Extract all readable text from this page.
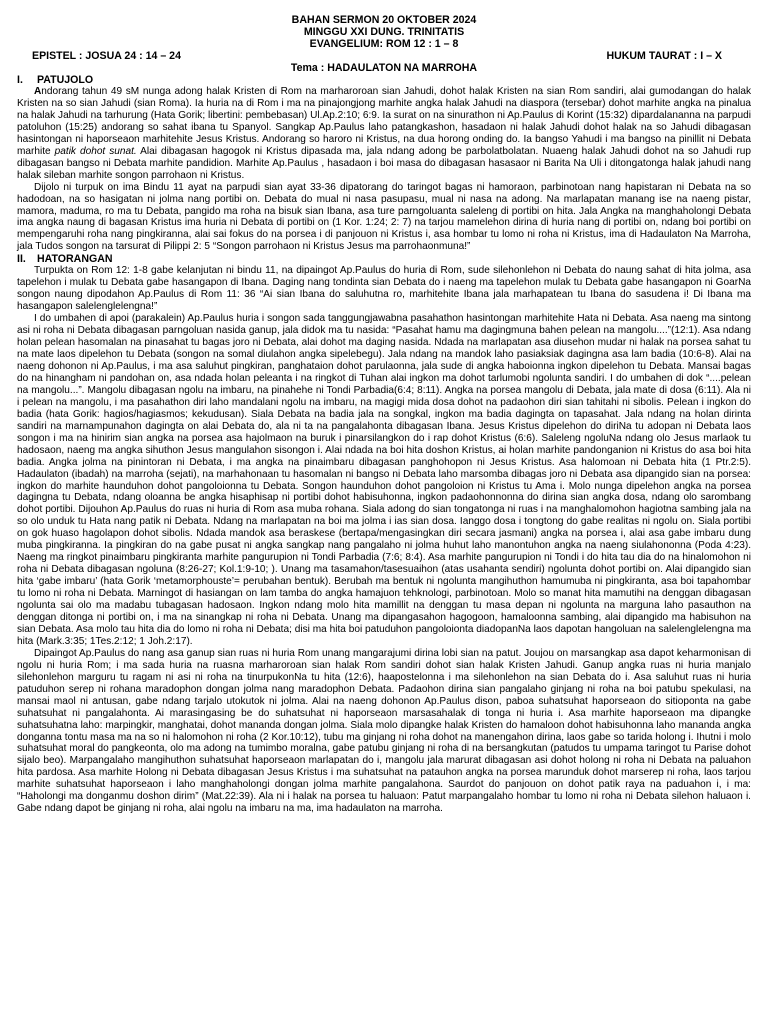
BAHAN SERMON 20 OKTOBER 2024
MINGGU XXI DUNG. TRINITATIS
EVANGELIUM: ROM 12 : 1 – 8
EPISTEL : JOSUA 24 : 14 – 24	HUKUM TAURAT : I – X
Tema : HADAULATON NA MARROHA
I.	PATUJOLO

Andorang tahun 49 sM nunga adong halak Kristen di Rom na marharoroan sian Jahudi, dohot halak Kristen na sian Rom sandiri, alai gumodangan do halak Kristen na so sian Jahudi (sian Roma). Ia huria na di Rom i ma na pinajongjong marhite angka halak Jahudi na diaspora (tersebar) dohot marhite angka na pinalua na halak Jahudi na tarhurung (Hata Gorik; libertini: pembebasan) Ul.Ap.2:10; 6:9. Ia surat on na sinurathon ni Ap.Paulus di Korint (15:32) dipardalananna na parpudi patoluhon (15:25) andorang so sahat ibana tu Spanyol. Sangkap Ap.Paulus laho patangkashon, hasadaon ni halak Jahudi dohot halak na so Jahudi dibagasan hasintongan ni haporseaon marhitehite Jesus Kristus. Andorang so haroro ni Kristus, na dua horong onding do. Ia bangso Yahudi i ma bangso na pinillit ni Debata marhite patik dohot sunat. Alai dibagasan hagogok ni Kristus dipasada ma, jala ndang adong be parbolatbolatan. Nuaeng halak Jahudi dohot na so Jahudi rup dibagasan bangso ni Debata marhite pandidion. Marhite Ap.Paulus , hasadaon i boi masa do dibagasan hasasaor ni Barita Na Uli i ditongatonga halak jahudi nang halak sileban marhite songon parrohaon ni Kristus.

Dijolo ni turpuk on ima Bindu 11 ayat na parpudi sian ayat 33-36 dipatorang do taringot bagas ni hamoraon, parbinotoan nang hapistaran ni Debata na so hadodoan, na so hasigatan ni jolma nang portibi on. Debata do mual ni nasa pasupasu, mual ni nasa na adong. Na marlapatan manang ise na naeng pistar, mamora, maduma, ro ma tu Debata, pangido ma roha na bisuk sian Ibana, asa ture parngoluanta saleleng di portibi on hita. Jala Angka na manghaholongi Debata ima angka naung di bagasan Kristus ima huria ni Debata di portibi on (1 Kor. 1:24; 2: 7) na tarjou mamelehon dirina di huria nang di portibi on, ndang boi portibi on mempengaruhi roha nang pingkiranna, alai sai fokus do na porsea i di panjouon ni Kristus i, asa hombar tu lomo ni roha ni Kristus, ima di Hadaulaton Na Marroha, jala Tudos songon na tarsurat di Pilippi 2: 5 “Songon parrohaon ni Kristus Jesus ma parrohaonmuna!”

II.	HATORANGAN

Turpukta on Rom 12: 1-8 gabe kelanjutan ni bindu 11, na dipaingot Ap.Paulus do huria di Rom, sude silehonlehon ni Debata do naung sahat di hita jolma, asa tapelehon i mulak tu Debata gabe hasangapon di Ibana. Daging nang tondinta sian Debata do i naeng ma tapelehon mulak tu Debata gabe hasangapon ni GoarNa songon naung dipodahon Ap.Paulus di Rom 11: 36 “Ai sian Ibana do saluhutna ro, marhitehite Ibana jala marhapatean tu Ibana do sasudena i! Di Ibana ma hasangapon salelenglelengna!”

I do umbahen di apoi (parakalein) Ap.Paulus huria i songon sada tanggungjawabna pasahathon hasintongan marhitehite Hata ni Debata. Asa naeng ma sintong asi ni roha ni Debata dibagasan parngoluan nasida ganup, jala didok ma tu nasida: “Pasahat hamu ma dagingmuna bahen pelean na mangolu....”(12:1). Asa ndang holan pelean hasomalan na pinasahat tu bagas joro ni Debata, alai dohot ma daging nasida. Ndada na marlapatan asa diusehon mudar ni halak na porsea sahat tu na mate laos dipelehon tu Debata (songon na somal diulahon angka sipelebegu). Jala ndang na mandok laho pasiaksiak dagingna asa lam badia (10:6-8). Alai na naeng dohonon ni Ap.Paulus, i ma asa saluhut pingkiran, panghataion dohot parulaonna, jala sude di angka haboionna ingkon dipelehon tu Debata. Mansai bagas do na hinangham ni pandohan on, asa ndada holan peleanta i na ringkot di Tuhan alai ingkon ma dohot tarlumobi ngolunta sandiri. I do umbahen di dok “....pelean na mangolu...”. Mangolu dibagasan ngolu na imbaru, na pinahehe ni Tondi Parbadia(6:4; 8:11). Angka na porsea mangolu di Debata, jala mate di dosa (6:11). Ala ni i pelean na mangolu, i ma pasahathon diri laho mandalani ngolu na imbaru, na magigi mida dosa dohot na padaohon diri sian tahitahi ni sibolis. Pelean i ingkon do badia (hata Gorik: hagios/hagiasmos; kekudusan). Siala Debata na badia jala na songkal, ingkon ma badia dagingta on tapasahat. Jala ndang na holan dirinta sandiri na marnampunahon dagingta on alai Debata do, ala ni ta na pangalahonta dibagasan Ibana. Jesus Kristus dipelehon do diriNa tu adopan ni Debata laos songon i ma na hinirim sian angka na porsea asa hajolmaon na buruk i pinarsilangkon do i rap dohot Kristus (6:6). Saleleng ngoluNa ndang olo Jesus marlaok tu hadosaon, naeng ma angka sihuthon Jesus mangulahon sisongon i. Alai ndada na boi hita doshon Kristus, ai holan marhite pandonganion ni Kristus do asa boi hita badia. Angka jolma na pinintoran ni Debata, i ma angka na pinaimbaru dibagasan panghohopon ni Jesus Kristus. Asa halomoan ni Debata hita (1 Ptr.2:5). Hadaulaton (ibadah) na marroha (sejati), na marhahonaan tu hasomalan ni bangso ni Debata laho marsomba dibagas joro ni Debata asa dipangido sian na porsea: ingkon do marhite haunduhon dohot pangoloionna tu Debata. Songon haunduhon dohot pangoloion ni Kristus tu Ama i. Molo nunga dipelehon angka na porsea dagingna tu Debata, ndang oloanna be angka hisaphisap ni portibi dohot habisuhonna, ingkon padaohonnonna do dirina sian angka dosa, ndang olo sarombang dohot portibi. Dijouhon Ap.Paulus do ruas ni huria di Rom asa muba rohana. Siala adong do sian tongatonga ni ruas i na manghalomohon hagiotna sambing jala na so olo unduk tu Hata nang patik ni Debata. Ndang na marlapatan na boi ma jolma i ias sian dosa. Ianggo dosa i tongtong do gabe realitas ni ngolu on. Siala portibi on gok huaso hagolapon dohot sibolis. Ndada mandok asa beraskese (bertapa/mengasingkan diri secara jasmani) angka na porsea i, alai asa gabe imbaru dung muba pingkiranna. Ia pingkiran do na gabe pusat ni angka sangkap nang pangalaho ni jolma huhut laho manontuhon angka na naeng siulahononna (Poda 4:23). Naeng ma ringkot pinaimbaru pingkiranta marhite pangurupion ni Tondi Parbadia (7:6; 8:4). Asa marhite pangurupion ni Tondi i do hita tau dia do na hinalomohon ni roha ni Debata dibagasan ngoluna (8:26-27; Kol.1:9-10; ). Unang ma tasamahon/tasesuaihon (atas usahanta sendiri) ngolunta dohot portibi on. Alai dipangido sian hita ‘gabe imbaru’ (hata Gorik ‘metamorphouste’= perubahan bentuk). Berubah ma bentuk ni ngolunta mangihuthon hamumuba ni pingkiranta, asa boi tapahombar tu lomo ni roha ni Debata. Marningot di hasiangan on lam tamba do angka hamajuon tehknologi, parbinotoan. Molo so manat hita mamutihi na denggan dibagasan ngolunta sai olo ma madabu tubagasan hadosaon. Ingkon ndang molo hita mamillit na denggan tu masa depan ni ngolunta na marguna laho pasauthon na denggan ditonga ni portibi on, i ma na sinangkap ni roha ni Debata. Unang ma dipangasahon hagogoon, hamaloonna sambing, alai dipangido ma habisuhon na sian Debata. Asa molo tau hita dia do lomo ni roha ni Debata; disi ma hita boi patuduhon pangoloionta diadopanNa laos dapotan hangoluan na salelenglelengna ma hita (Mark.3:35; 1Tes.2:12; 1 Joh.2:17).

Dipaingot Ap.Paulus do nang asa ganup sian ruas ni huria Rom unang mangarajumi dirina lobi sian na patut. Joujou on marsangkap asa dapot keharmonisan di ngolu ni huria Rom; i ma sada huria na ruasna marharoroan sian halak Rom sandiri dohot sian halak Kristen Jahudi. Ganup angka ruas ni huria manjalo silehonlehon marguru tu ragam ni asi ni roha na tinurpukonNa tu hita (12:6), haapostelonna i ma silehonlehon na sian Debata do i. Asa saluhut ruas ni huria patuduhon serep ni rohana maradophon dongan jolma nang maradophon Debata. Padaohon dirina sian pangalaho ginjang ni roha na boi patubu spekulasi, na mansai maol ni antusan, gabe ndang tarjalo utokutok ni jolma. Alai na naeng dohonon Ap.Paulus dison, paboa suhatsuhat haporseaon do sitioponta na gabe suhatsuhat ni pangalahonta. Ai marasingasing be do suhatsuhat ni haporseaon marsasahalak di tonga ni huria i. Asa marhite haporseaon ma dipangke suhatsuhatna laho: marpingkir, manghatai, dohot mananda dongan jolma. Siala molo dipangke halak Kristen do hamaloon dohot habisuhonna laho mananda angka donganna tontu masa ma na so ni halomohon ni roha (2 Kor.10:12), tubu ma ginjang ni roha dohot na manengahon dirina, laos gabe so tarida holong i. Ihutni i molo suhatsuhat moral do pangkeonta, olo ma adong na tumimbo moralna, gabe patubu ginjang ni roha di na bersangkutan (patudos tu umpama taringot tu Parise dohot sijalo beo). Marpangalaho mangihuthon suhatsuhat haporseaon marlapatan do i, mangolu jala marurat dibagasan asi dohot holong ni roha ni Debata na paluahon hita pardosa. Asa marhite Holong ni Debata dibagasan Jesus Kristus i ma suhatsuhat na patauhon angka na porsea marunduk dohot marserep ni roha, laos tarjou marhite suhatsuhat haporseaon i laho manghaholongi dongan jolma marhite pangalahona. Saurdot do panjouon on dohot patik raya na paduahon i, i ma: “Haholongi ma donganmu doshon dirim” (Mat.22:39). Ala ni i halak na porsea tu haluaon: Patut marpangalaho hombar tu lomo ni roha ni Debata silehon haluaon i. Gabe ndang dapot be ginjang ni roha, alai ngolu na imbaru na ma, ima hadaulaton na marroha.
